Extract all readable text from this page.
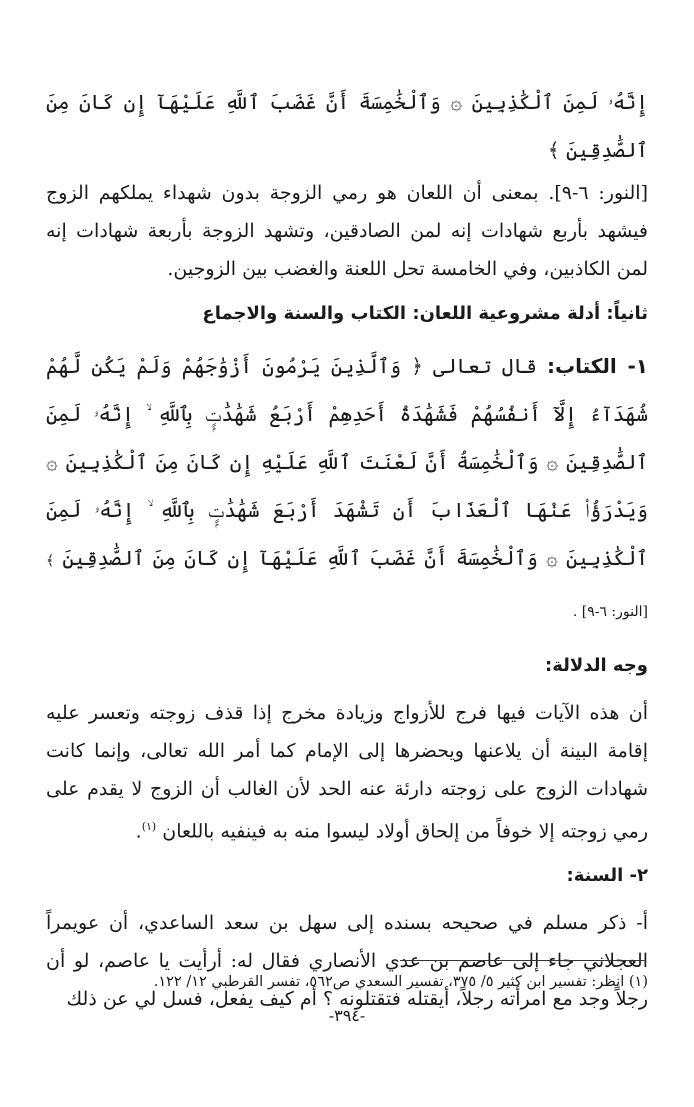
إِنَّهُۥ لَمِنَ ٱلْكَٰذِبِينَ ۞ وَٱلْخَٰمِسَةَ أَنَّ غَضَبَ ٱللَّهِ عَلَيْهَآ إِن كَانَ مِنَ ٱلصَّٰدِقِينَ ﴾

[النور: ٦-٩]. بمعنى أن اللعان هو رمي الزوجة بدون شهداء يملكهم الزوج فيشهد بأربع شهادات إنه لمن الصادقين، وتشهد الزوجة بأربعة شهادات إنه لمن الكاذبين، وفي الخامسة تحل اللعنة والغضب بين الزوجين.

ثانياً: أدلة مشروعية اللعان: الكتاب والسنة والاجماع

١- الكتاب: قال تعالى ﴿ وَٱلَّذِينَ يَرْمُونَ أَزْوَٰجَهُمْ وَلَمْ يَكُن لَّهُمْ شُهَدَآءُ إِلَّآ أَنفُسُهُمْ فَشَهَٰدَةُ أَحَدِهِمْ أَرْبَعُ شَهَٰدَٰتٍۭ بِٱللَّهِ ۙ إِنَّهُۥ لَمِنَ ٱلصَّٰدِقِينَ ۞ وَٱلْخَٰمِسَةُ أَنَّ لَعْنَتَ ٱللَّهِ عَلَيْهِ إِن كَانَ مِنَ ٱلْكَٰذِبِينَ ۞ وَيَدْرَؤُا۟ عَنْهَا ٱلْعَذَابَ أَن تَشْهَدَ أَرْبَعَ شَهَٰدَٰتٍۭ بِٱللَّهِ ۙ إِنَّهُۥ لَمِنَ ٱلْكَٰذِبِينَ ۞ وَٱلْخَٰمِسَةَ أَنَّ غَضَبَ ٱللَّهِ عَلَيْهَآ إِن كَانَ مِنَ ٱلصَّٰدِقِينَ ﴾ [النور: ٦-٩] .

وجه الدلالة:

أن هذه الآيات فيها فرج للأزواج وزيادة مخرج إذا قذف زوجته وتعسر عليه إقامة البينة أن يلاعنها ويحضرها إلى الإمام كما أمر الله تعالى، وإنما كانت شهادات الزوج على زوجته دارئة عنه الحد لأن الغالب أن الزوج لا يقدم على رمي زوجته إلا خوفاً من إلحاق أولاد ليسوا منه به فينفيه باللعان $^{(١)}$.

٢- السنة:

أ- ذكر مسلم في صحيحه بسنده إلى سهل بن سعد الساعدي، أن عويمراً العجلاني جاء إلى عاصم بن عدي الأنصاري فقال له: أرأيت يا عاصم، لو أن رجلاً وجد مع امرأته رجلاً، أيقتله فتقتلونه ؟ أم كيف يفعل، فسل لي عن ذلك

(١) انظر: تفسير ابن كثير ٥/ ٣٧٥، تفسير السعدي ص٥٦٢، تفسر القرطبي ١٢/ ١٢٢.
-٣٩٤-
